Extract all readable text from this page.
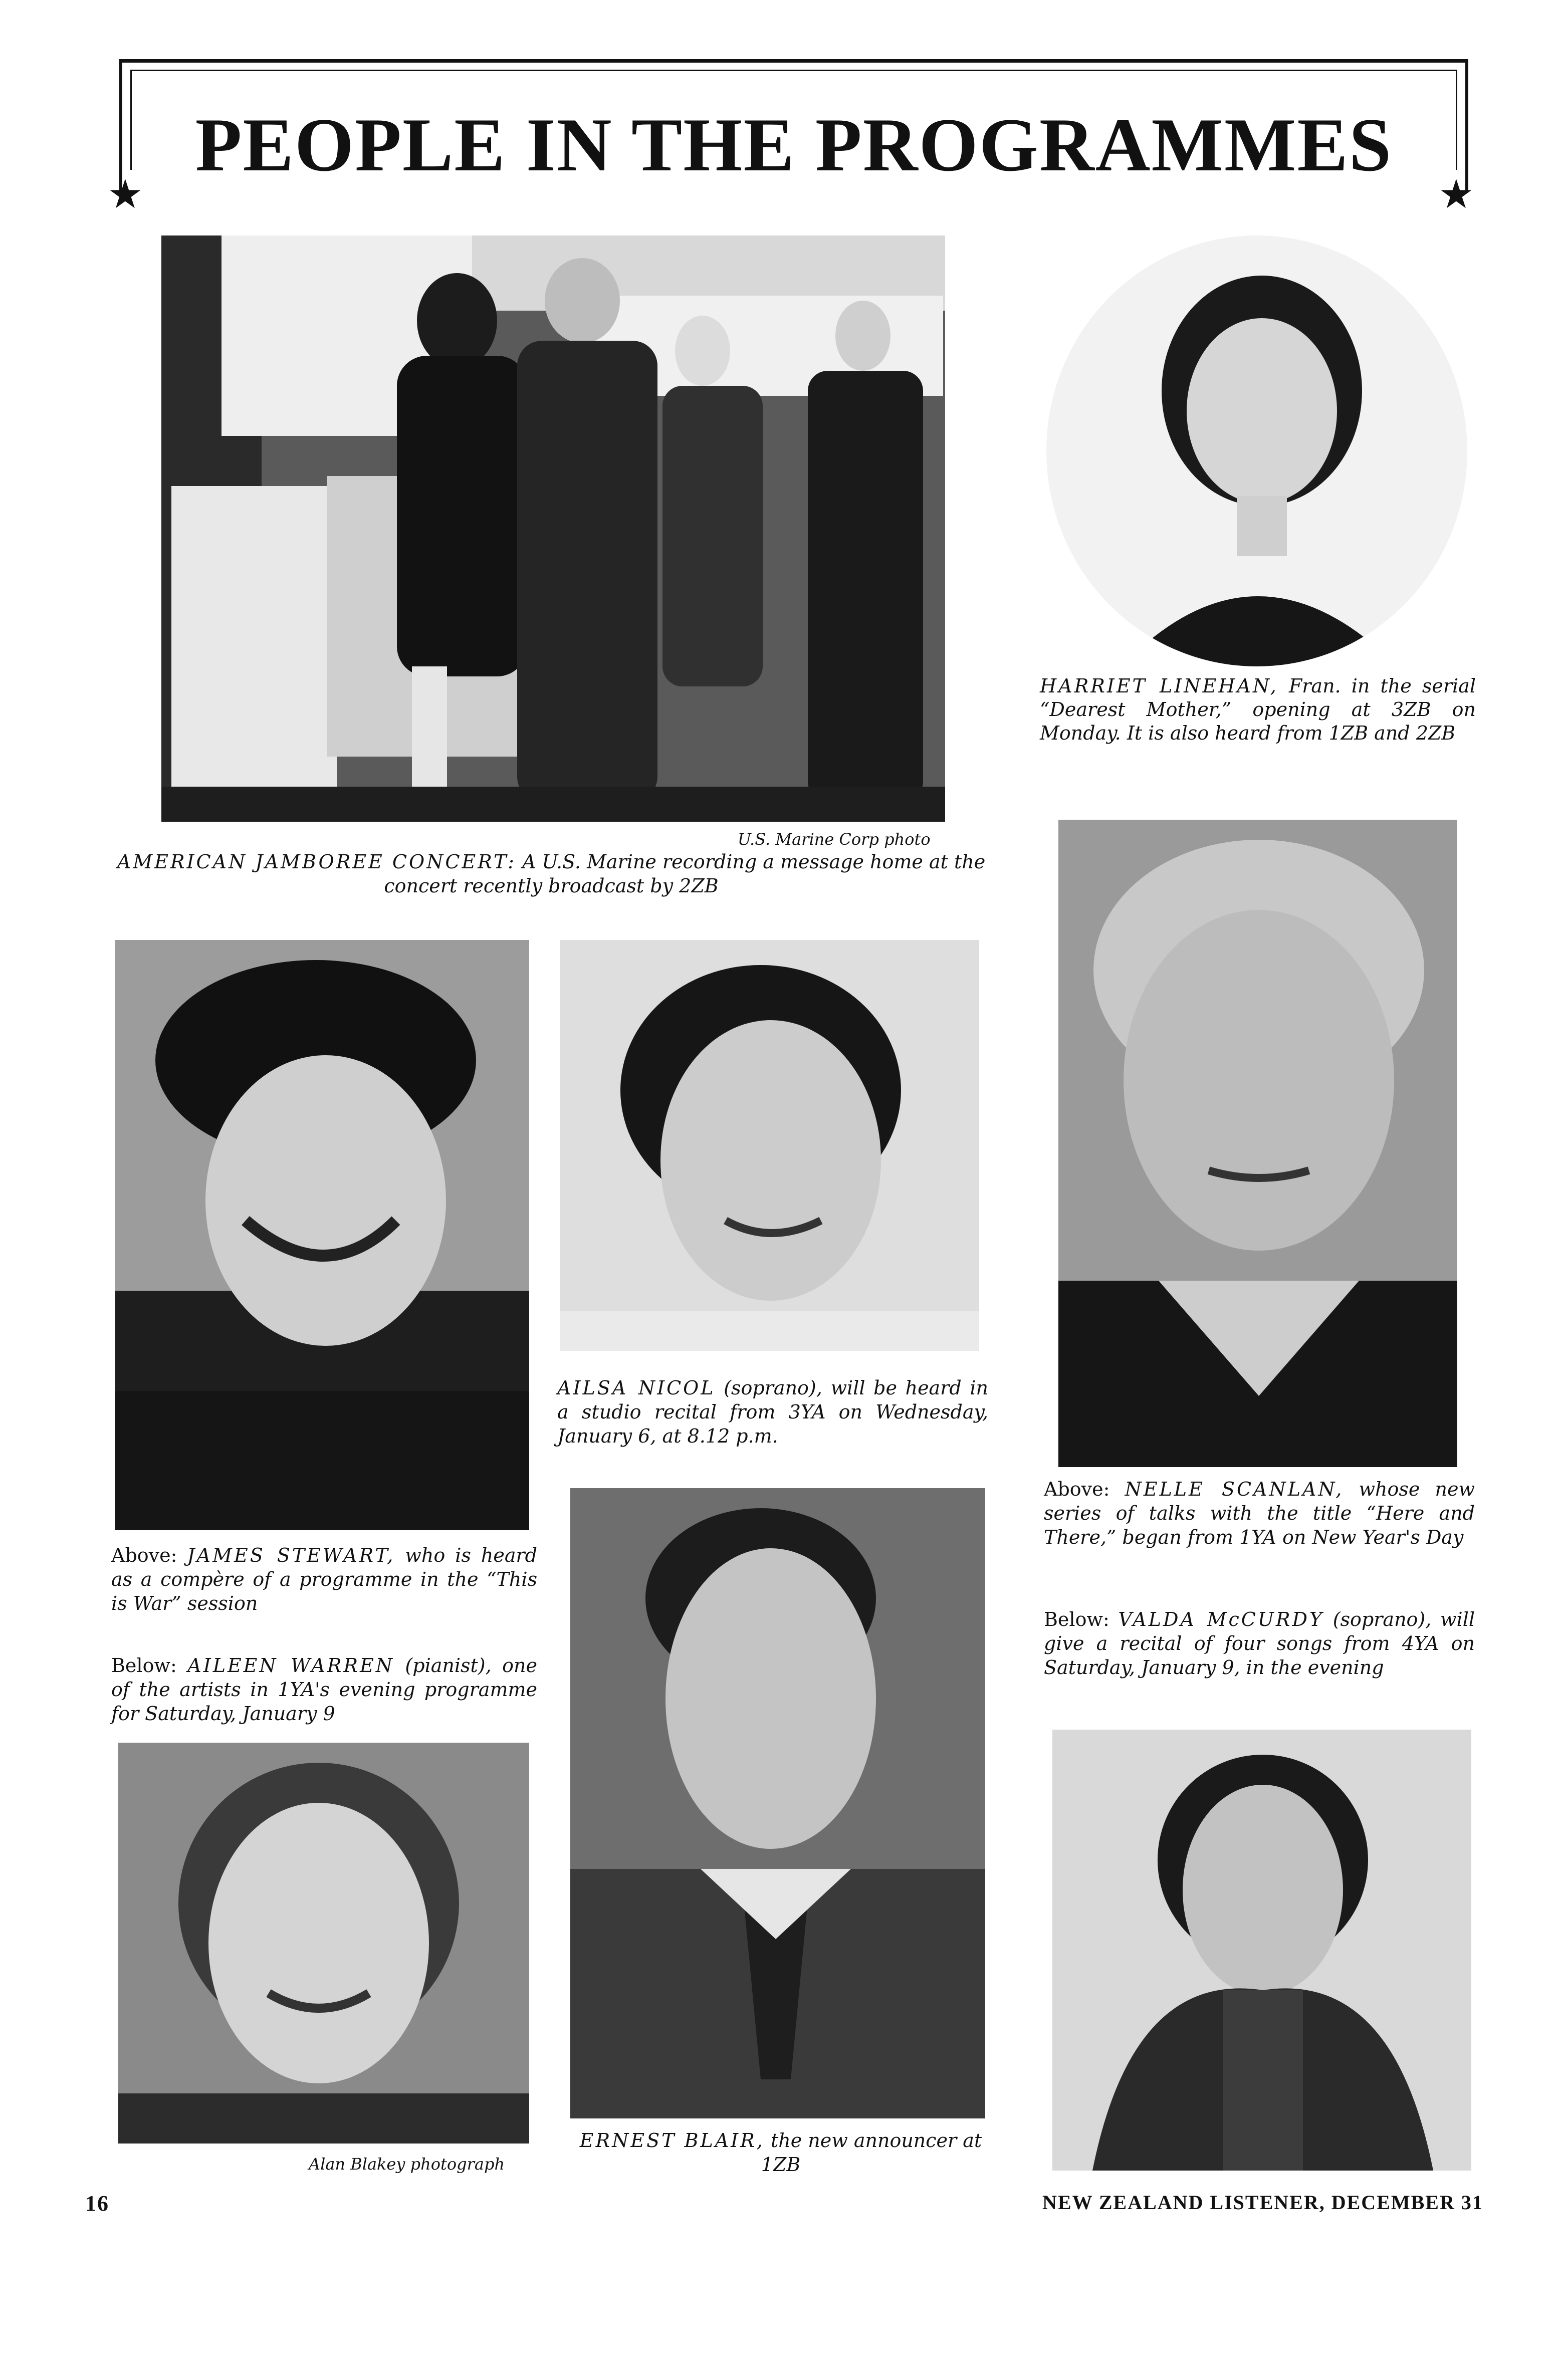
PEOPLE IN THE PROGRAMMES
★	★
U.S. Marine Corp photo
AMERICAN JAMBOREE CONCERT: A U.S. Marine recording a message home at the concert recently broadcast by 2ZB
HARRIET LINEHAN, Fran. in the serial “Dearest Mother,” opening at 3ZB on Monday. It is also heard from 1ZB and 2ZB
Above: JAMES STEWART, who is heard as a compère of a programme in the “This is War” session
Below: AILEEN WARREN (pianist), one of the artists in 1YA's evening programme for Saturday, January 9
Alan Blakey photograph
AILSA NICOL (soprano), will be heard in a studio recital from 3YA on Wednesday, January 6, at 8.12 p.m.
ERNEST BLAIR, the new announcer at 1ZB
Above: NELLE SCANLAN, whose new series of talks with the title “Here and There,” began from 1YA on New Year's Day
Below: VALDA McCURDY (soprano), will give a recital of four songs from 4YA on Saturday, January 9, in the evening
16	NEW ZEALAND LISTENER, DECEMBER 31
